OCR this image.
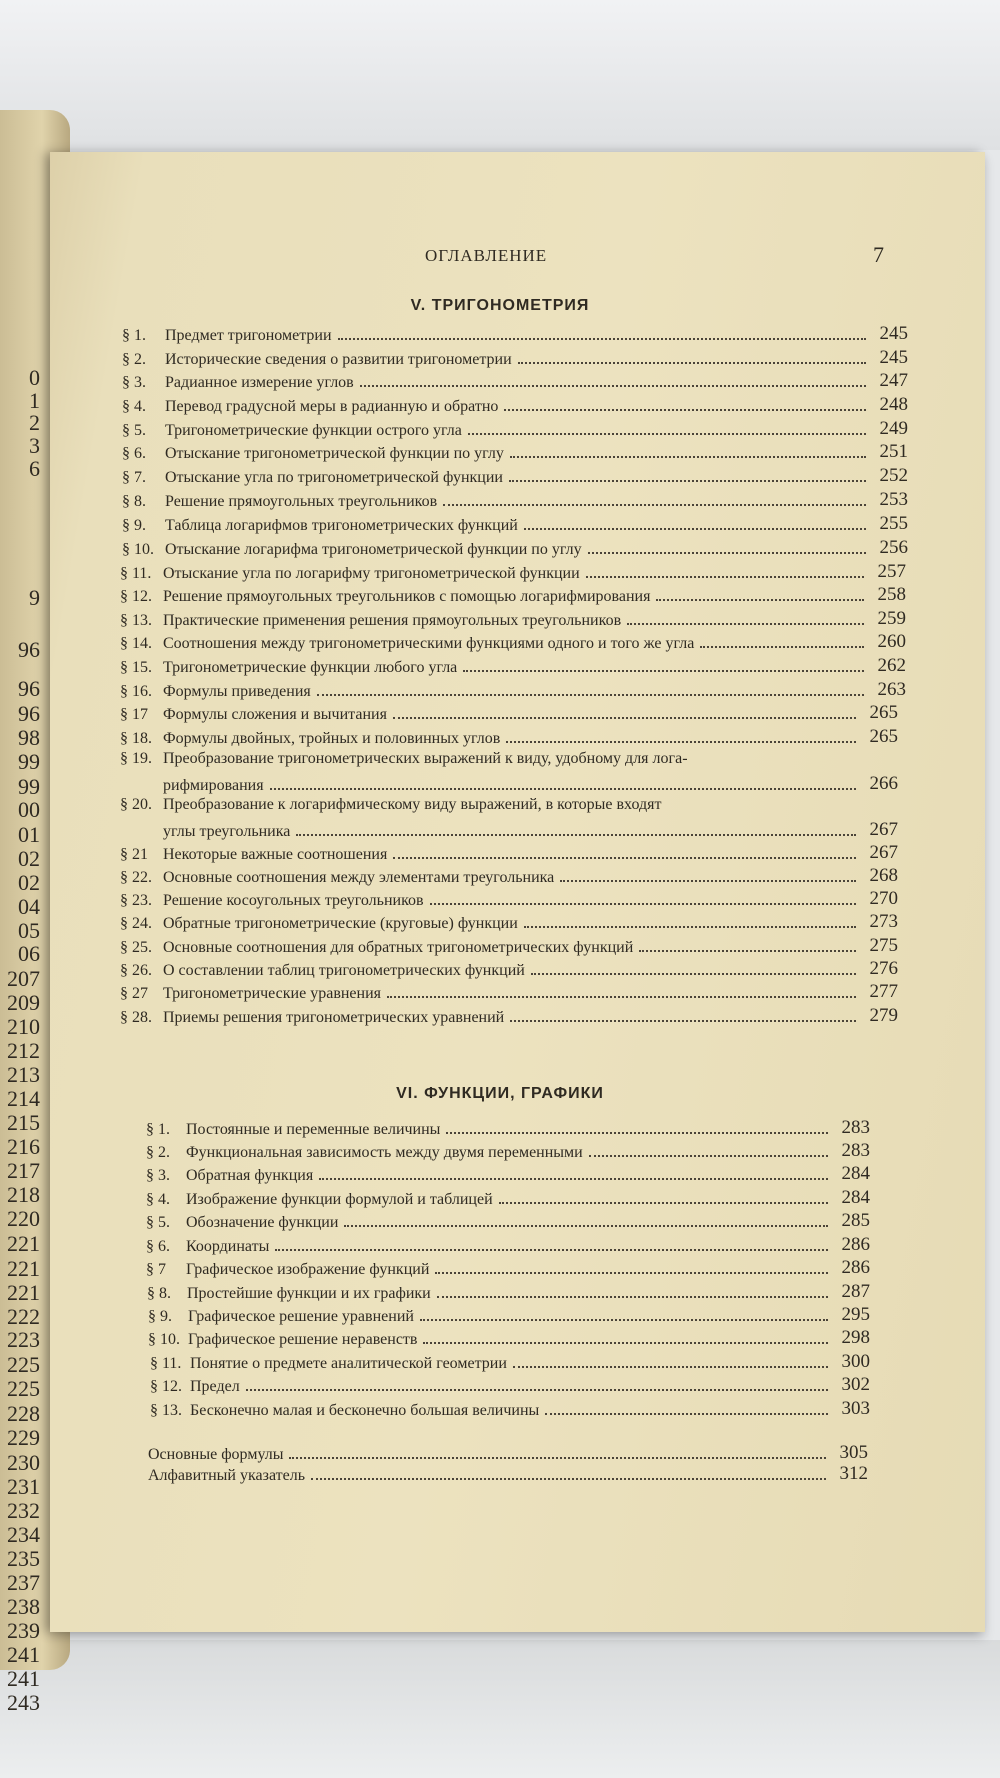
0
1
2
3
6
9
96
96
96
98
99
99
00
01
02
02
04
05
06
207
209
210
212
213
214
215
216
217
218
220
221
221
221
222
223
225
225
228
229
230
231
232
234
235
237
238
239
241
241
243
ОГЛАВЛЕНИЕ	7
V. ТРИГОНОМЕТРИЯ
§ 1.	Предмет тригонометрии	245
§ 2.	Исторические сведения о развитии тригонометрии	245
§ 3.	Радианное измерение углов	247
§ 4.	Перевод градусной меры в радианную и обратно	248
§ 5.	Тригонометрические функции острого угла	249
§ 6.	Отыскание тригонометрической функции по углу	251
§ 7.	Отыскание угла по тригонометрической функции	252
§ 8.	Решение прямоугольных треугольников	253
§ 9.	Таблица логарифмов тригонометрических функций	255
§ 10. Отыскание логарифма тригонометрической функции по углу	256
§ 11. Отыскание угла по логарифму тригонометрической функции	257
§ 12. Решение прямоугольных треугольников с помощью логарифмирования	258
§ 13. Практические применения решения прямоугольных треугольников	259
§ 14. Соотношения между тригонометрическими функциями одного и того же угла	260
§ 15. Тригонометрические функции любого угла	262
§ 16. Формулы приведения	263
§ 17 Формулы сложения и вычитания	265
§ 18. Формулы двойных, тройных и половинных углов	265
§ 19. Преобразование тригонометрических выражений к виду, удобному для лога-
рифмирования	266
§ 20. Преобразование к логарифмическому виду выражений, в которые входят
углы треугольника	267
§ 21 Некоторые важные соотношения	267
§ 22. Основные соотношения между элементами треугольника	268
§ 23. Решение косоугольных треугольников	270
§ 24. Обратные тригонометрические (круговые) функции	273
§ 25. Основные соотношения для обратных тригонометрических функций	275
§ 26. О составлении таблиц тригонометрических функций	276
§ 27 Тригонометрические уравнения	277
§ 28. Приемы решения тригонометрических уравнений	279
VI. ФУНКЦИИ, ГРАФИКИ
§ 1.	Постоянные и переменные величины	283
§ 2.	Функциональная зависимость между двумя переменными	283
§ 3.	Обратная функция	284
§ 4.	Изображение функции формулой и таблицей	284
§ 5.	Обозначение функции	285
§ 6.	Координаты	286
§ 7	Графическое изображение функций	286
§ 8.	Простейшие функции и их графики	287
§ 9.	Графическое решение уравнений	295
§ 10. Графическое решение неравенств	298
§ 11. Понятие о предмете аналитической геометрии	300
§ 12. Предел	302
§ 13. Бесконечно малая и бесконечно большая величины	303
Основные формулы	305
Алфавитный указатель	312
